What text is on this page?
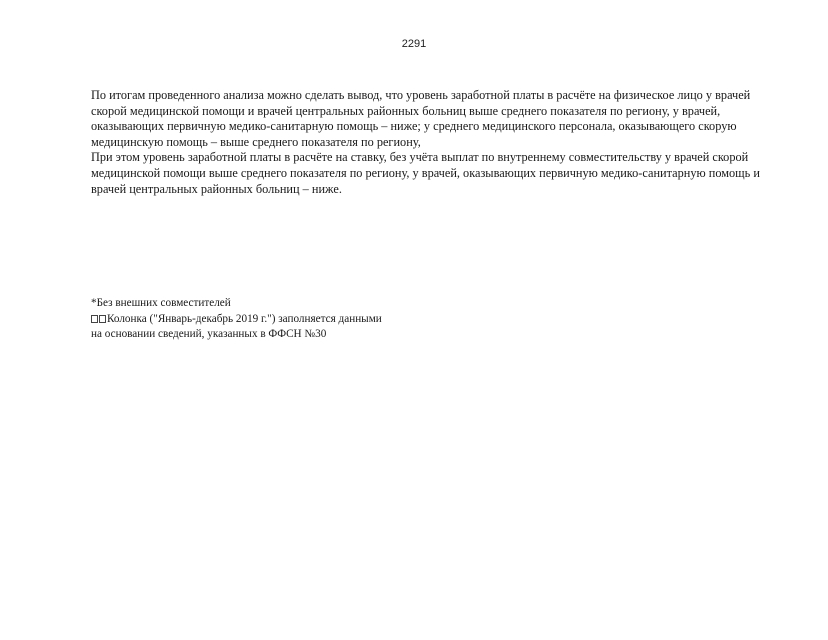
2291
По итогам проведенного анализа можно сделать вывод, что уровень заработной платы в расчёте на физическое лицо у врачей
скорой медицинской помощи и врачей центральных районных больниц выше среднего показателя по региону, у врачей,
оказывающих первичную медико-санитарную помощь – ниже; у среднего медицинского персонала, оказывающего скорую
медицинскую помощь – выше среднего показателя по региону,
При этом уровень заработной платы в расчёте на ставку, без учёта выплат по внутреннему совместительству у врачей скорой
медицинской помощи выше среднего показателя по региону, у врачей, оказывающих первичную медико-санитарную помощь и
врачей центральных районных больниц – ниже.
*Без внешних совместителей
Колонка ("Январь-декабрь 2019 г.") заполняется данными
на основании сведений, указанных в ФФСН №30
